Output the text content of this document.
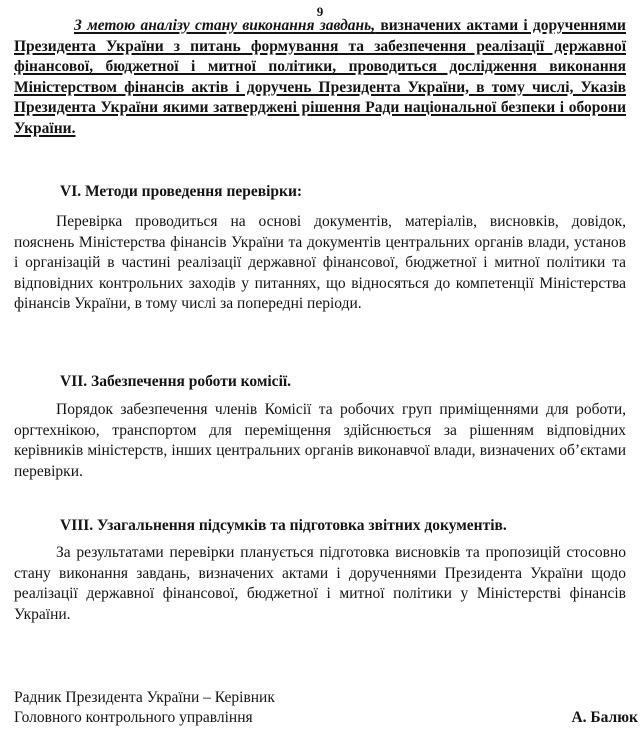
9

З метою аналізу стану виконання завдань, визначених актами і дорученнями Президента України з питань формування та забезпечення реалізації державної фінансової, бюджетної і митної політики, проводиться дослідження виконання Міністерством фінансів актів і доручень Президента України, в тому числі, Указів Президента України якими затверджені рішення Ради національної безпеки і оборони України.

VI. Методи проведення перевірки:

Перевірка проводиться на основі документів, матеріалів, висновків, довідок, пояснень Міністерства фінансів України та документів центральних органів влади, установ і організацій в частині реалізації державної фінансової, бюджетної і митної політики та відповідних контрольних заходів у питаннях, що відносяться до компетенції Міністерства фінансів України, в тому числі за попередні періоди.

VII. Забезпечення роботи комісії.

Порядок забезпечення членів Комісії та робочих груп приміщеннями для роботи, оргтехнікою, транспортом для переміщення здійснюється за рішенням відповідних керівників міністерств, інших центральних органів виконавчої влади, визначених об’єктами перевірки.

VIII. Узагальнення підсумків та підготовка звітних документів.

За результатами перевірки планується підготовка висновків та пропозицій стосовно стану виконання завдань, визначених актами і дорученнями Президента України щодо реалізації державної фінансової, бюджетної і митної політики у Міністерстві фінансів України.

Радник Президента України – Керівник
Головного контрольного управління	А. Балюк
